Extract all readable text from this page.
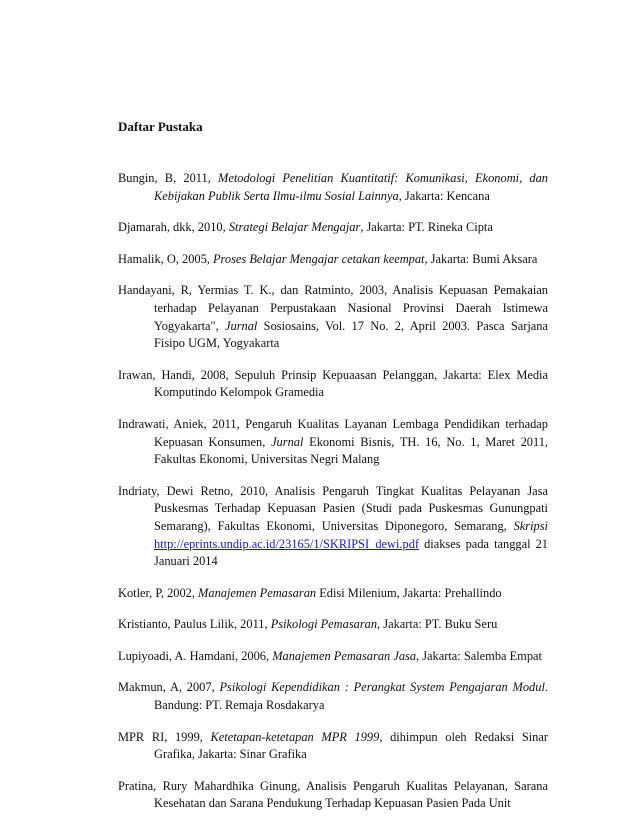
Daftar Pustaka
Bungin, B, 2011, Metodologi Penelitian Kuantitatif: Komunikasi, Ekonomi, dan Kebijakan Publik Serta Ilmu-ilmu Sosial Lainnya, Jakarta: Kencana
Djamarah, dkk, 2010, Strategi Belajar Mengajar, Jakarta: PT. Rineka Cipta
Hamalik, O, 2005, Proses Belajar Mengajar cetakan keempat, Jakarta: Bumi Aksara
Handayani, R, Yermias T. K., dan Ratminto, 2003, Analisis Kepuasan Pemakaian terhadap Pelayanan Perpustakaan Nasional Provinsi Daerah Istimewa Yogyakarta", Jurnal Sosiosains, Vol. 17 No. 2, April 2003. Pasca Sarjana Fisipo UGM, Yogyakarta
Irawan, Handi, 2008, Sepuluh Prinsip Kepuaasan Pelanggan, Jakarta: Elex Media Komputindo Kelompok Gramedia
Indrawati, Aniek, 2011, Pengaruh Kualitas Layanan Lembaga Pendidikan terhadap Kepuasan Konsumen, Jurnal Ekonomi Bisnis, TH. 16, No. 1, Maret 2011, Fakultas Ekonomi, Universitas Negri Malang
Indriaty, Dewi Retno, 2010, Analisis Pengaruh Tingkat Kualitas Pelayanan Jasa Puskesmas Terhadap Kepuasan Pasien (Studi pada Puskesmas Gunungpati Semarang), Fakultas Ekonomi, Universitas Diponegoro, Semarang, Skripsi http://eprints.undip.ac.id/23165/1/SKRIPSI_dewi.pdf diakses pada tanggal 21 Januari 2014
Kotler, P, 2002, Manajemen Pemasaran Edisi Milenium, Jakarta: Prehallindo
Kristianto, Paulus Lilik, 2011, Psikologi Pemasaran, Jakarta: PT. Buku Seru
Lupiyoadi, A. Hamdani, 2006, Manajemen Pemasaran Jasa, Jakarta: Salemba Empat
Makmun, A, 2007, Psikologi Kependidikan : Perangkat System Pengajaran Modul. Bandung: PT. Remaja Rosdakarya
MPR RI, 1999, Ketetapan-ketetapan MPR 1999, dihimpun oleh Redaksi Sinar Grafika, Jakarta: Sinar Grafika
Pratina, Rury Mahardhika Ginung, Analisis Pengaruh Kualitas Pelayanan, Sarana Kesehatan dan Sarana Pendukung Terhadap Kepuasan Pasien Pada Unit
